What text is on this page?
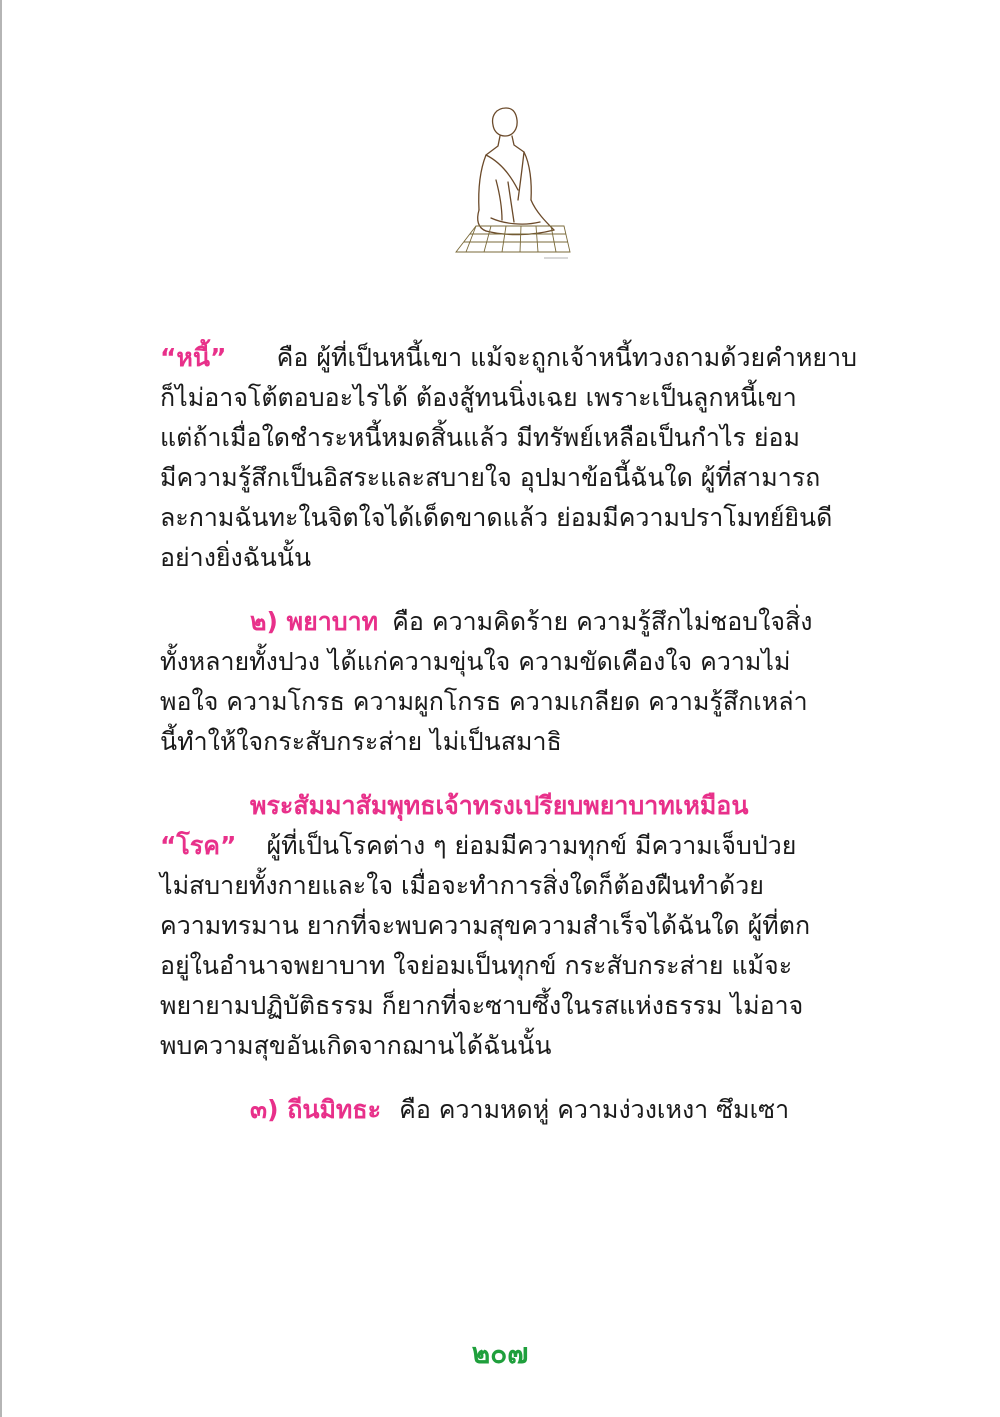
“หนี้” คือ ผู้ที่เป็นหนี้เขา แม้จะถูกเจ้าหนี้ทวงถามด้วยคำหยาบ
ก็ไม่อาจโต้ตอบอะไรได้ ต้องสู้ทนนิ่งเฉย เพราะเป็นลูกหนี้เขา
แต่ถ้าเมื่อใดชำระหนี้หมดสิ้นแล้ว มีทรัพย์เหลือเป็นกำไร ย่อม
มีความรู้สึกเป็นอิสระและสบายใจ อุปมาข้อนี้ฉันใด ผู้ที่สามารถ
ละกามฉันทะในจิตใจได้เด็ดขาดแล้ว ย่อมมีความปราโมทย์ยินดี
อย่างยิ่งฉันนั้น
๒) พยาบาท คือ ความคิดร้าย ความรู้สึกไม่ชอบใจสิ่ง
ทั้งหลายทั้งปวง ได้แก่ความขุ่นใจ ความขัดเคืองใจ ความไม่
พอใจ ความโกรธ ความผูกโกรธ ความเกลียด ความรู้สึกเหล่า
นี้ทำให้ใจกระสับกระส่าย ไม่เป็นสมาธิ
พระสัมมาสัมพุทธเจ้าทรงเปรียบพยาบาทเหมือน
“โรค” ผู้ที่เป็นโรคต่าง ๆ ย่อมมีความทุกข์ มีความเจ็บป่วย
ไม่สบายทั้งกายและใจ เมื่อจะทำการสิ่งใดก็ต้องฝืนทำด้วย
ความทรมาน ยากที่จะพบความสุขความสำเร็จได้ฉันใด ผู้ที่ตก
อยู่ในอำนาจพยาบาท ใจย่อมเป็นทุกข์ กระสับกระส่าย แม้จะ
พยายามปฏิบัติธรรม ก็ยากที่จะซาบซึ้งในรสแห่งธรรม ไม่อาจ
พบความสุขอันเกิดจากฌานได้ฉันนั้น
๓) ถีนมิทธะ คือ ความหดหู่ ความง่วงเหงา ซึมเซา
๒๐๗
